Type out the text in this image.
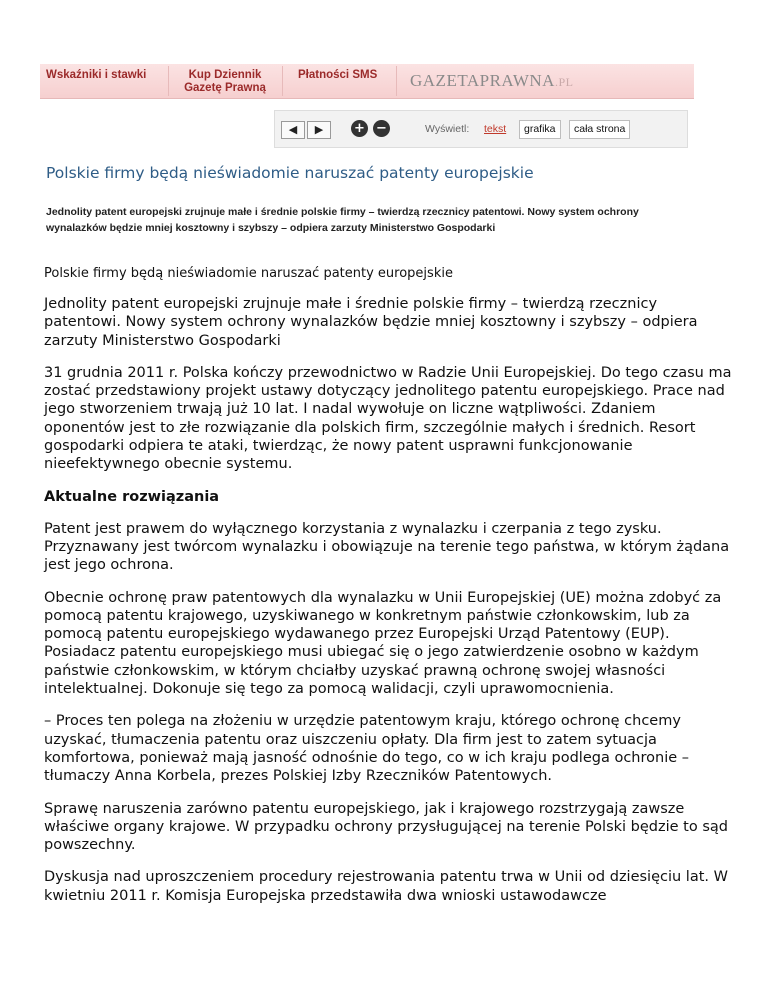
Wskaźniki i stawki	Kup Dziennik Gazetę Prawną
Płatności SMS GAZETAPRAWNA.PL
◀	▶	+ −	Wyświetl:	tekst	grafika	cała strona
Polskie firmy będą nieświadomie naruszać patenty europejskie
Jednolity patent europejski zrujnuje małe i średnie polskie firmy – twierdzą rzecznicy patentowi. Nowy system ochrony wynalazków będzie mniej kosztowny i szybszy – odpiera zarzuty Ministerstwo Gospodarki

Polskie firmy będą nieświadomie naruszać patenty europejskie

Jednolity patent europejski zrujnuje małe i średnie polskie firmy – twierdzą rzecznicy patentowi. Nowy system ochrony wynalazków będzie mniej kosztowny i szybszy – odpiera zarzuty Ministerstwo Gospodarki

31 grudnia 2011 r. Polska kończy przewodnictwo w Radzie Unii Europejskiej. Do tego czasu ma zostać przedstawiony projekt ustawy dotyczący jednolitego patentu europejskiego. Prace nad jego stworzeniem trwają już 10 lat. I nadal wywołuje on liczne wątpliwości. Zdaniem oponentów jest to złe rozwiązanie dla polskich firm, szczególnie małych i średnich. Resort gospodarki odpiera te ataki, twierdząc, że nowy patent usprawni funkcjonowanie nieefektywnego obecnie systemu.

Aktualne rozwiązania

Patent jest prawem do wyłącznego korzystania z wynalazku i czerpania z tego zysku. Przyznawany jest twórcom wynalazku i obowiązuje na terenie tego państwa, w którym żądana jest jego ochrona.

Obecnie ochronę praw patentowych dla wynalazku w Unii Europejskiej (UE) można zdobyć za pomocą patentu krajowego, uzyskiwanego w konkretnym państwie członkowskim, lub za pomocą patentu europejskiego wydawanego przez Europejski Urząd Patentowy (EUP). Posiadacz patentu europejskiego musi ubiegać się o jego zatwierdzenie osobno w każdym państwie członkowskim, w którym chciałby uzyskać prawną ochronę swojej własności intelektualnej. Dokonuje się tego za pomocą walidacji, czyli uprawomocnienia.

– Proces ten polega na złożeniu w urzędzie patentowym kraju, którego ochronę chcemy uzyskać, tłumaczenia patentu oraz uiszczeniu opłaty. Dla firm jest to zatem sytuacja komfortowa, ponieważ mają jasność odnośnie do tego, co w ich kraju podlega ochronie – tłumaczy Anna Korbela, prezes Polskiej Izby Rzeczników Patentowych.

Sprawę naruszenia zarówno patentu europejskiego, jak i krajowego rozstrzygają zawsze właściwe organy krajowe. W przypadku ochrony przysługującej na terenie Polski będzie to sąd powszechny.

Dyskusja nad uproszczeniem procedury rejestrowania patentu trwa w Unii od dziesięciu lat. W kwietniu 2011 r. Komisja Europejska przedstawiła dwa wnioski ustawodawcze
